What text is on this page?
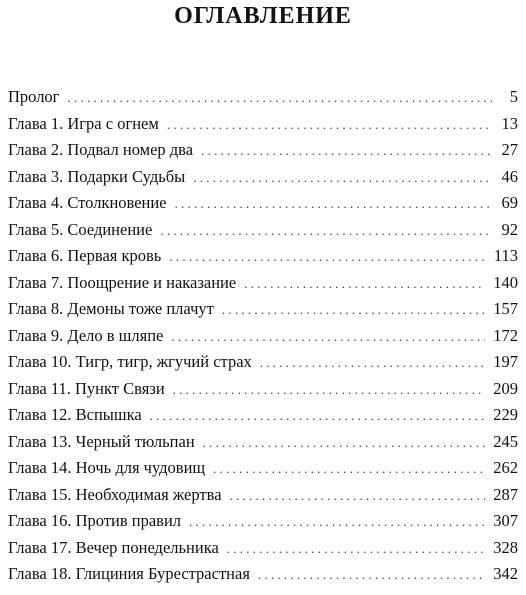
ОГЛАВЛЕНИЕ
Пролог . . .	5
Глава 1. Игра с огнем . . .	13
Глава 2. Подвал номер два . . .	27
Глава 3. Подарки Судьбы . . .	46
Глава 4. Столкновение . . .	69
Глава 5. Соединение . . .	92
Глава 6. Первая кровь . . .	113
Глава 7. Поощрение и наказание . . .	140
Глава 8. Демоны тоже плачут . . .	157
Глава 9. Дело в шляпе . . .	172
Глава 10. Тигр, тигр, жгучий страх . . .	197
Глава 11. Пункт Связи . . .	209
Глава 12. Вспышка . . .	229
Глава 13. Черный тюльпан . . .	245
Глава 14. Ночь для чудовищ . . .	262
Глава 15. Необходимая жертва . . .	287
Глава 16. Против правил . . .	307
Глава 17. Вечер понедельника . . .	328
Глава 18. Глициния Бурестрастная . . .	342
